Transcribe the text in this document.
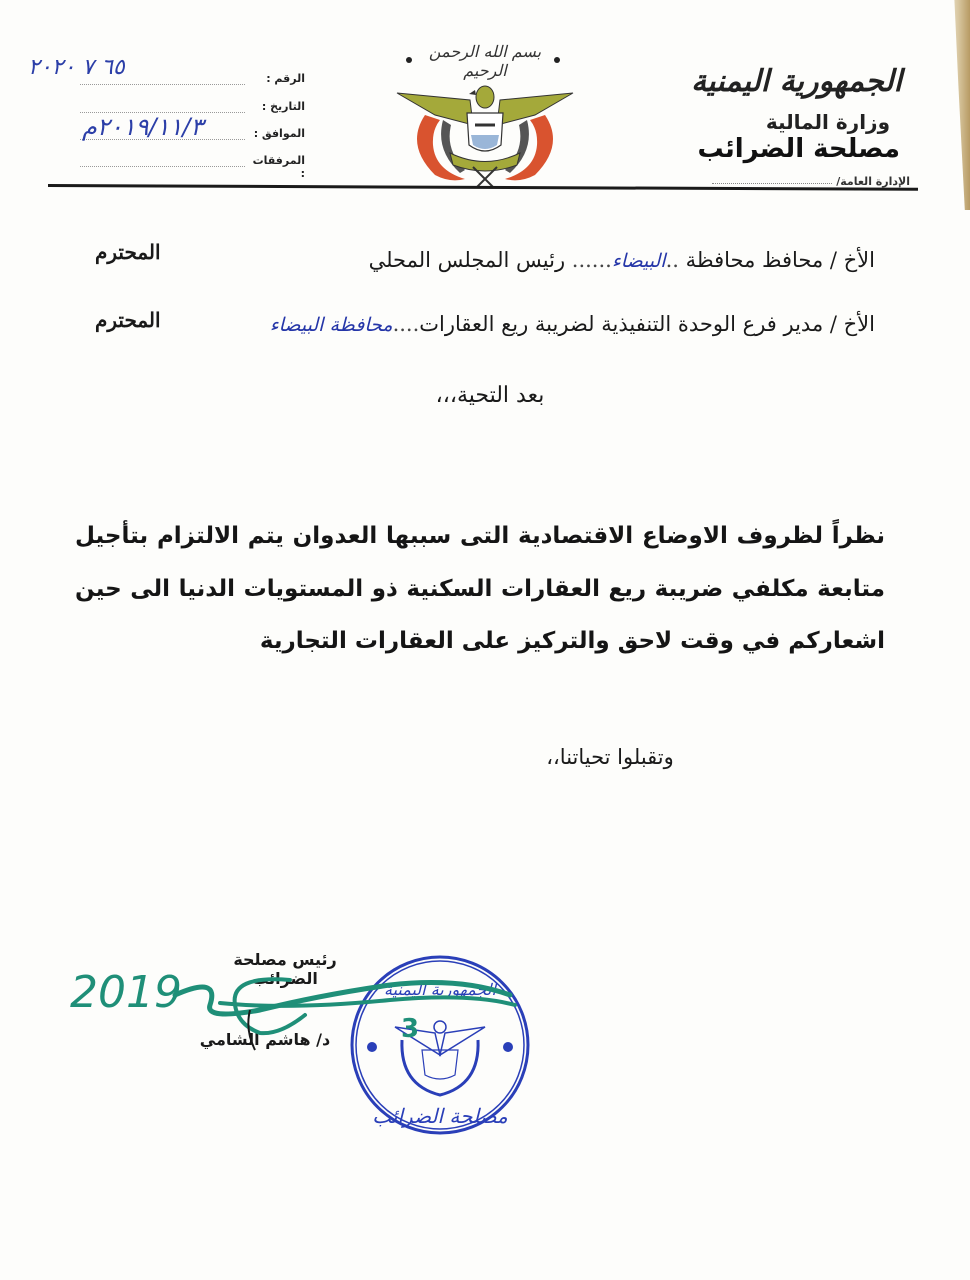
الجمهورية اليمنية
وزارة المالية
مصلحة الضرائب
الإدارة العامة/
بسم الله الرحمن الرحيم
الرقم :
التاريخ :
الموافق :
المرفقات :
٦٥ ٧ ٢٠٢٠
٢٠١٩/١١/٣م
الأخ / محافظ محافظة ..البيضاء...... رئيس المجلس المحلي
المحترم
الأخ / مدير فرع الوحدة التنفيذية لضريبة ريع العقارات....محافظة البيضاء
المحترم
بعد التحية،،،
نظراً لظروف الاوضاع الاقتصادية التى سببها العدوان يتم الالتزام بتأجيل متابعة مكلفي ضريبة ريع العقارات السكنية ذو المستويات الدنيا الى حين اشعاركم في وقت لاحق والتركيز على العقارات التجارية
وتقبلوا تحياتنا،،
رئيس مصلحة الضرائب
د/ هاشم الشامي
الجمهورية اليمنية
مصلحة الضرائب
3
2019
